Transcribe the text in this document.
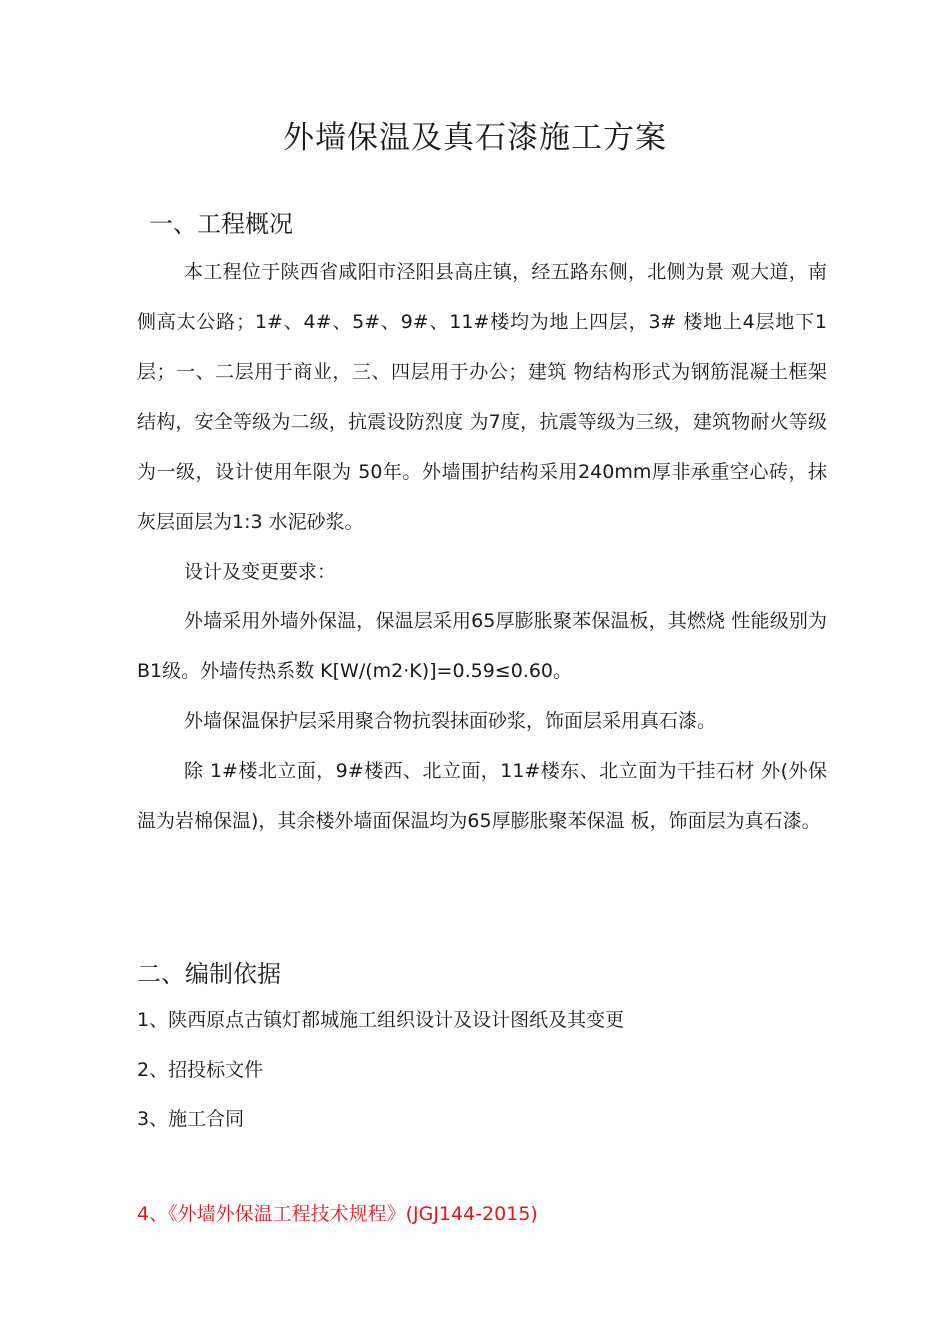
外墙保温及真石漆施工方案
一、工程概况

本工程位于陕西省咸阳市泾阳县高庄镇，经五路东侧，北侧为景 观大道，南侧高太公路；1#、4#、5#、9#、11#楼均为地上四层，3# 楼地上4层地下1层；一、二层用于商业，三、四层用于办公；建筑 物结构形式为钢筋混凝土框架结构，安全等级为二级，抗震设防烈度 为7度，抗震等级为三级，建筑物耐火等级为一级，设计使用年限为 50年。外墙围护结构采用240mm厚非承重空心砖，抹灰层面层为1:3 水泥砂浆。

设计及变更要求：

外墙采用外墙外保温，保温层采用65厚膨胀聚苯保温板，其燃烧 性能级别为B1级。外墙传热系数 K[W/(m2·K)]=0.59≤0.60。

外墙保温保护层采用聚合物抗裂抹面砂浆，饰面层采用真石漆。

除 1#楼北立面，9#楼西、北立面，11#楼东、北立面为干挂石材 外(外保温为岩棉保温)，其余楼外墙面保温均为65厚膨胀聚苯保温 板，饰面层为真石漆。

二、编制依据

1、陕西原点古镇灯都城施工组织设计及设计图纸及其变更

2、招投标文件

3、施工合同

4、《外墙外保温工程技术规程》(JGJ144-2015)
